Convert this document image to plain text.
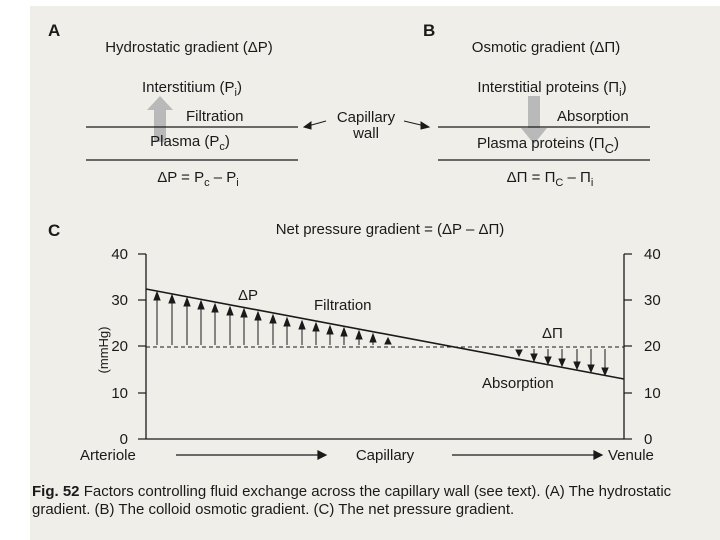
A
Hydrostatic gradient (ΔP)
Interstitium $(P_i)$
Filtration
Plasma $(P_c)$
$\Delta P = P_c - P_i$
Capillary
wall
B
Osmotic gradient (ΔΠ)
Interstitial proteins $(\Pi_i)$
Absorption
Plasma proteins (ΠC)
$\Delta\Pi = \Pi_C - \Pi_i$
C	Net pressure gradient = (ΔP – ΔΠ)
(mmHg)
40
30
20
10
0
40
30
20
10
0
ΔP
Filtration
ΔΠ
Absorption
Arteriole	Capillary	Venule
Fig. 52 Factors controlling fluid exchange across the capillary wall (see text). (A) The hydrostatic gradient. (B) The colloid osmotic gradient. (C) The net pressure gradient.
